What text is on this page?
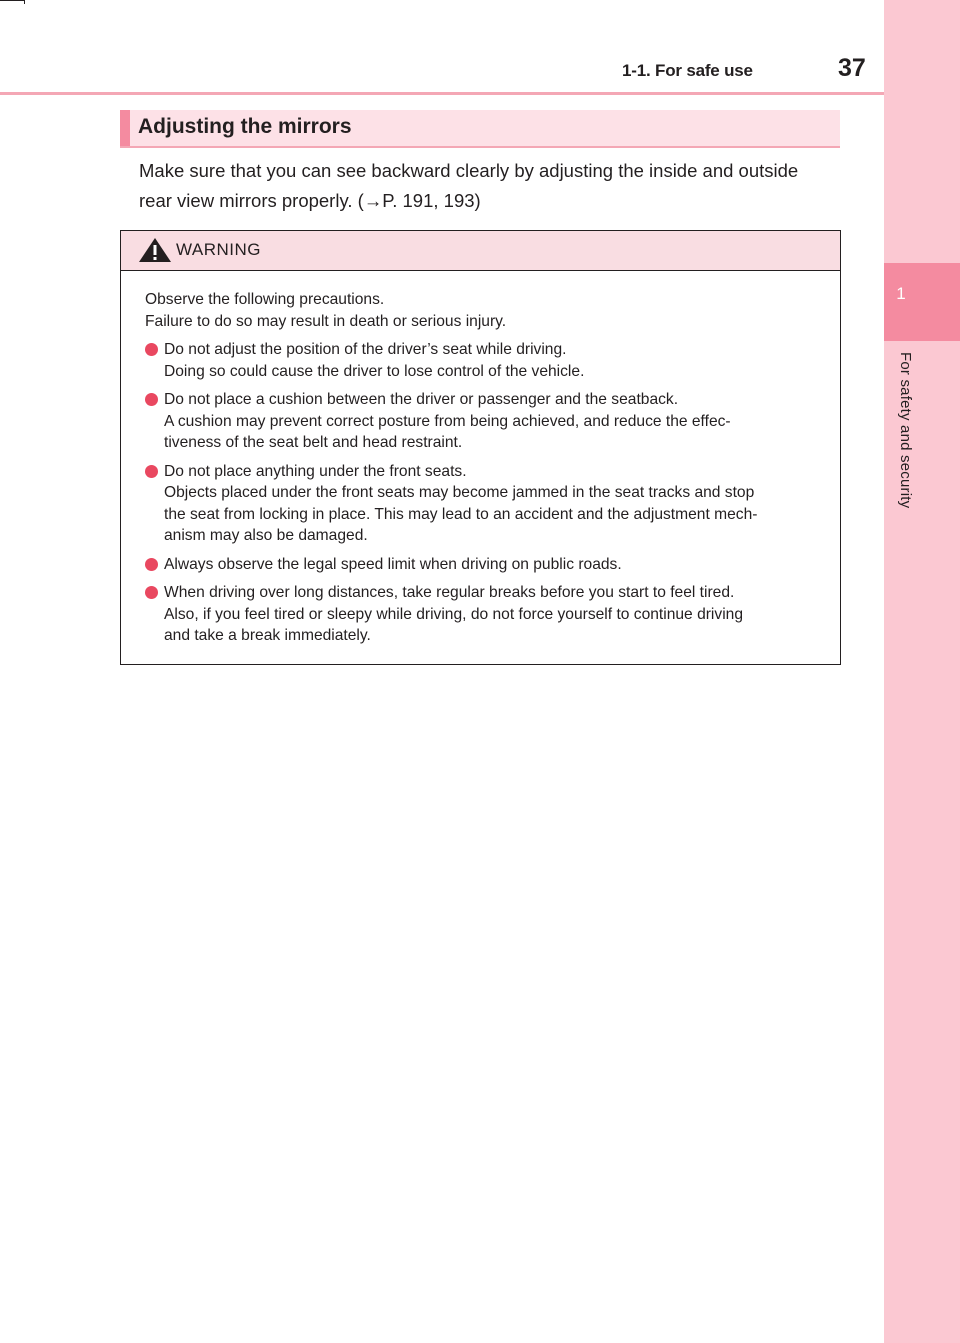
1
For safety and security
1-1. For safe use	37
Adjusting the mirrors
Make sure that you can see backward clearly by adjusting the inside and outside
rear view mirrors properly. (→P. 191, 193)
WARNING

Observe the following precautions.

Failure to do so may result in death or serious injury.

Do not adjust the position of the driver’s seat while driving.

Doing so could cause the driver to lose control of the vehicle.

Do not place a cushion between the driver or passenger and the seatback.

A cushion may prevent correct posture from being achieved, and reduce the effec-

tiveness of the seat belt and head restraint.

Do not place anything under the front seats.

Objects placed under the front seats may become jammed in the seat tracks and stop

the seat from locking in place. This may lead to an accident and the adjustment mech-

anism may also be damaged.

Always observe the legal speed limit when driving on public roads.

When driving over long distances, take regular breaks before you start to feel tired.

Also, if you feel tired or sleepy while driving, do not force yourself to continue driving

and take a break immediately.
